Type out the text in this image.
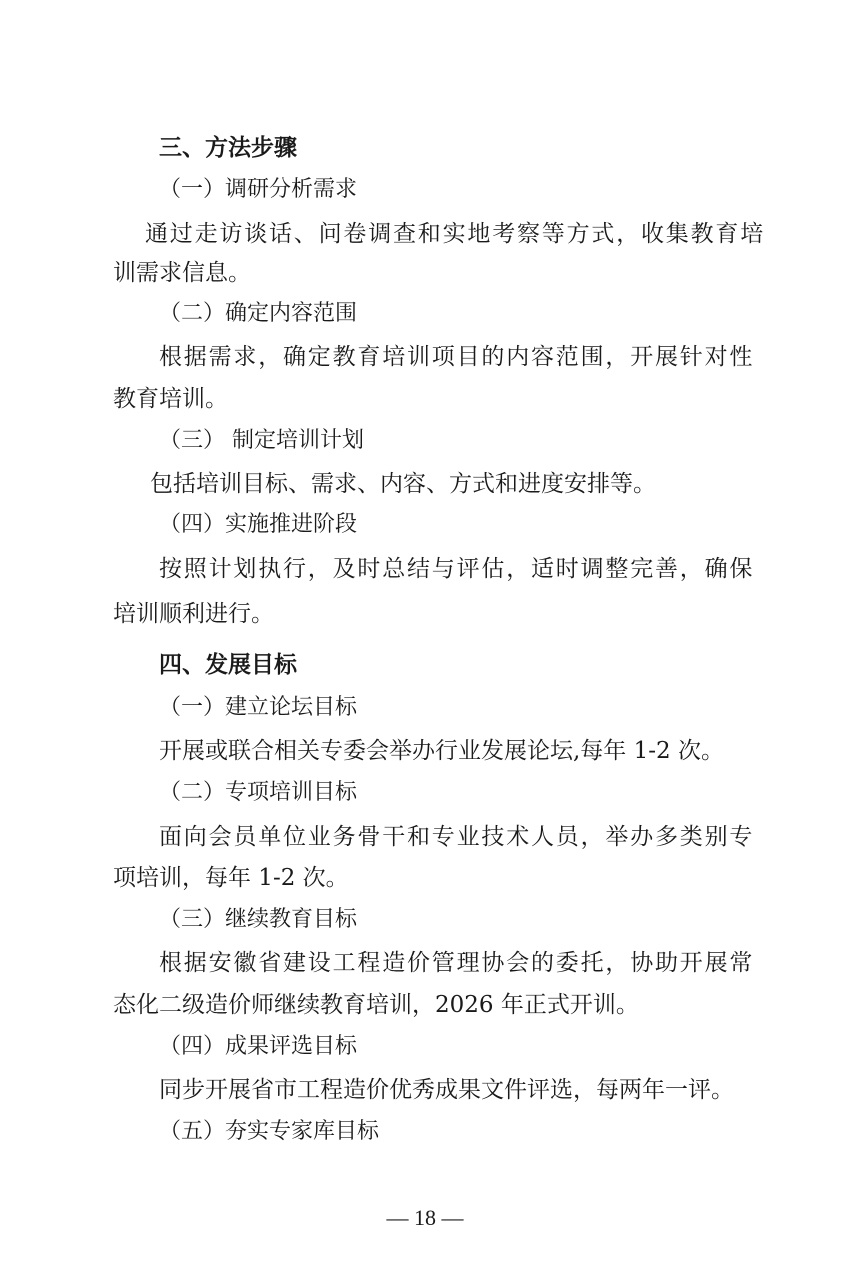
三、方法步骤
（一）调研分析需求
通过走访谈话、问卷调查和实地考察等方式，收集教育培
训需求信息。
（二）确定内容范围
根据需求，确定教育培训项目的内容范围，开展针对性
教育培训。
（三） 制定培训计划
包括培训目标、需求、内容、方式和进度安排等。
（四）实施推进阶段
按照计划执行，及时总结与评估，适时调整完善，确保
培训顺利进行。
四、发展目标
（一）建立论坛目标
开展或联合相关专委会举办行业发展论坛,每年 1-2 次。
（二）专项培训目标
面向会员单位业务骨干和专业技术人员，举办多类别专
项培训，每年 1-2 次。
（三）继续教育目标
根据安徽省建设工程造价管理协会的委托，协助开展常
态化二级造价师继续教育培训，2026 年正式开训。
（四）成果评选目标
同步开展省市工程造价优秀成果文件评选，每两年一评。
（五）夯实专家库目标
— 18 —
